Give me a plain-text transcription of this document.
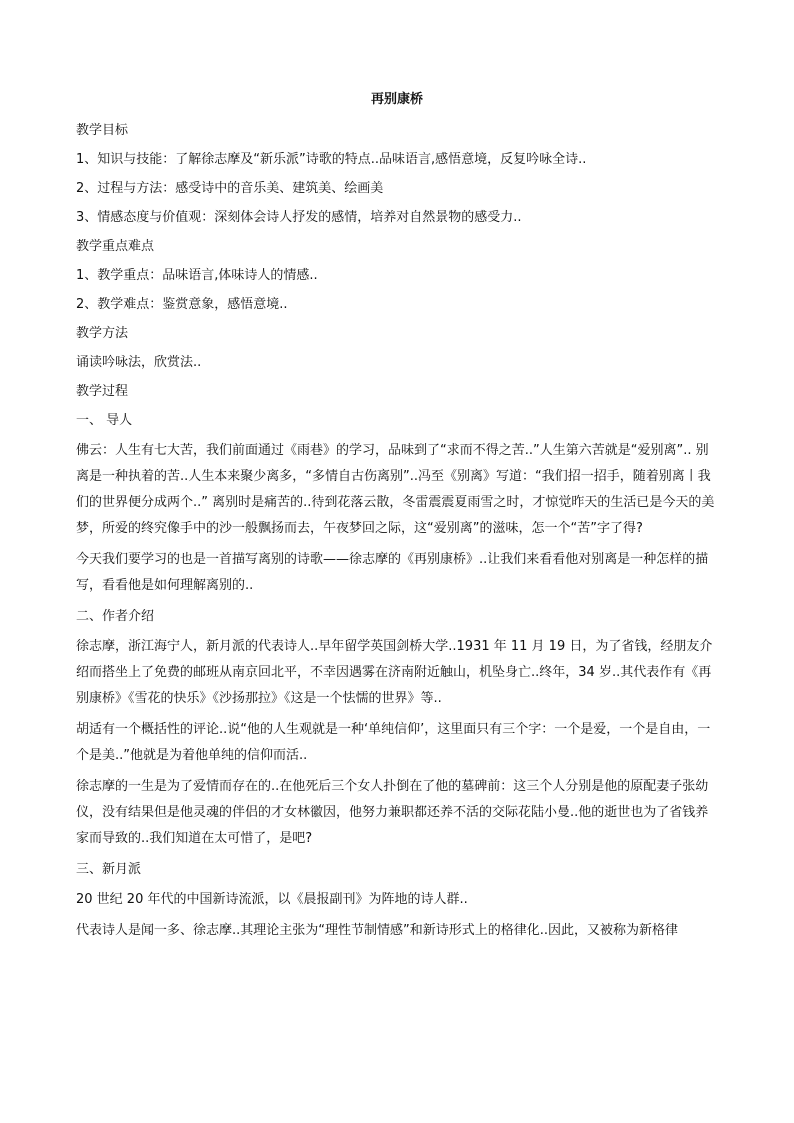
再别康桥

教学目标

1、知识与技能：了解徐志摩及“新乐派”诗歌的特点..品味语言,感悟意境，反复吟咏全诗..

2、过程与方法：感受诗中的音乐美、建筑美、绘画美

3、情感态度与价值观：深刻体会诗人抒发的感情，培养对自然景物的感受力..

教学重点难点

1、教学重点：品味语言,体味诗人的情感..

2、教学难点：鉴赏意象，感悟意境..

教学方法

诵读吟咏法，欣赏法..

教学过程

一、 导人

佛云：人生有七大苦，我们前面通过《雨巷》的学习，品味到了“求而不得之苦..”人生第六苦就是“爱别离”.. 别离是一种执着的苦..人生本来聚少离多，“多情自古伤离别”..冯至《别离》写道：“我们招一招手，随着别离丨我们的世界便分成两个..” 离别时是痛苦的..待到花落云散，冬雷震震夏雨雪之时，才惊觉昨天的生活已是今天的美梦，所爱的终究像手中的沙一般飘扬而去，午夜梦回之际，这“爱别离”的滋味，怎一个“苦”字了得?

今天我们要学习的也是一首描写离别的诗歌——徐志摩的《再别康桥》..让我们来看看他对别离是一种怎样的描写，看看他是如何理解离别的..

二、作者介绍

徐志摩，浙江海宁人，新月派的代表诗人..早年留学英国剑桥大学..1931 年 11 月 19 日，为了省钱，经朋友介绍而搭坐上了免费的邮班从南京回北平，不幸因遇雾在济南附近触山，机坠身亡..终年，34 岁..其代表作有《再别康桥》《雪花的快乐》《沙扬那拉》《这是一个怯懦的世界》等..

胡适有一个概括性的评论..说“他的人生观就是一种‘单纯信仰’，这里面只有三个字：一个是爱，一个是自由，一个是美..”他就是为着他单纯的信仰而活..

徐志摩的一生是为了爱情而存在的..在他死后三个女人扑倒在了他的墓碑前：这三个人分别是他的原配妻子张幼仪，没有结果但是他灵魂的伴侣的才女林徽因，他努力兼职都还养不活的交际花陆小曼..他的逝世也为了省钱养家而导致的..我们知道在太可惜了，是吧?

三、新月派

20 世纪 20 年代的中国新诗流派，以《晨报副刊》为阵地的诗人群..

代表诗人是闻一多、徐志摩..其理论主张为“理性节制情感”和新诗形式上的格律化..因此，又被称为新格律
